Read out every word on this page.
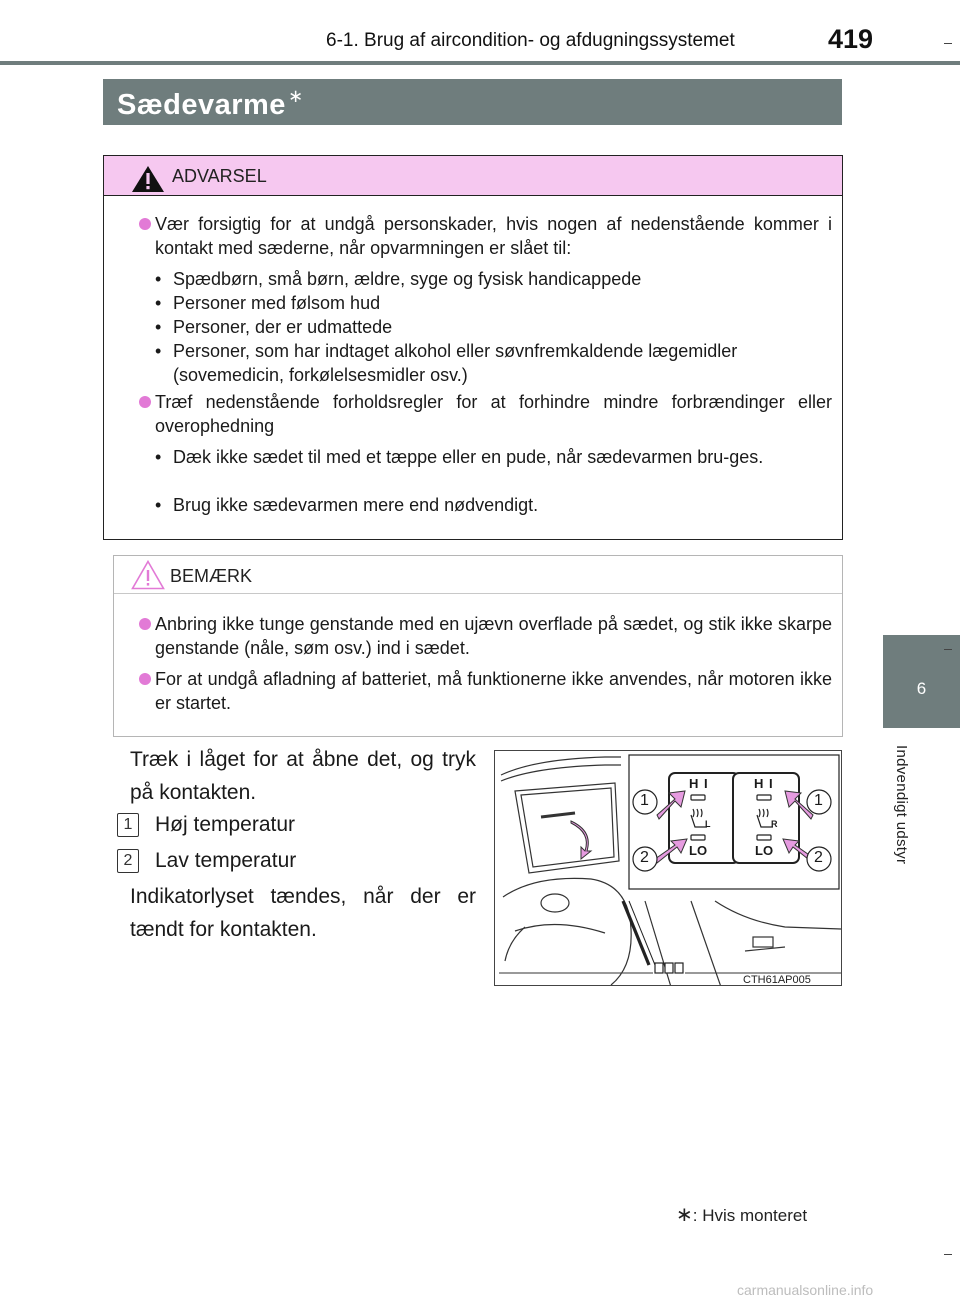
6-1. Brug af aircondition- og afdugningssystemet	419
Sædevarme ∗
ADVARSEL
Vær forsigtig for at undgå personskader, hvis nogen af nedenstående kommer i kontakt med sæderne, når opvarmningen er slået til:
• Spædbørn, små børn, ældre, syge og fysisk handicappede
• Personer med følsom hud
• Personer, der er udmattede
• Personer, som har indtaget alkohol eller søvnfremkaldende lægemidler (sovemedicin, forkølelsesmidler osv.)
Træf nedenstående forholdsregler for at forhindre mindre forbrændinger eller overophedning
• Dæk ikke sædet til med et tæppe eller en pude, når sædevarmen bru-ges.
• Brug ikke sædevarmen mere end nødvendigt.
BEMÆRK
Anbring ikke tunge genstande med en ujævn overflade på sædet, og stik ikke skarpe genstande (nåle, søm osv.) ind i sædet.
For at undgå afladning af batteriet, må funktionerne ikke anvendes, når motoren ikke er startet.
Træk i låget for at åbne det, og tryk på kontakten.
1	Høj temperatur
2	Lav temperatur
Indikatorlyset tændes, når der er tændt for kontakten.
H I	H I
LO	LO
L	R
1
2
1
2
CTH61AP005
6
Indvendigt udstyr
∗: Hvis monteret
carmanualsonline.info
